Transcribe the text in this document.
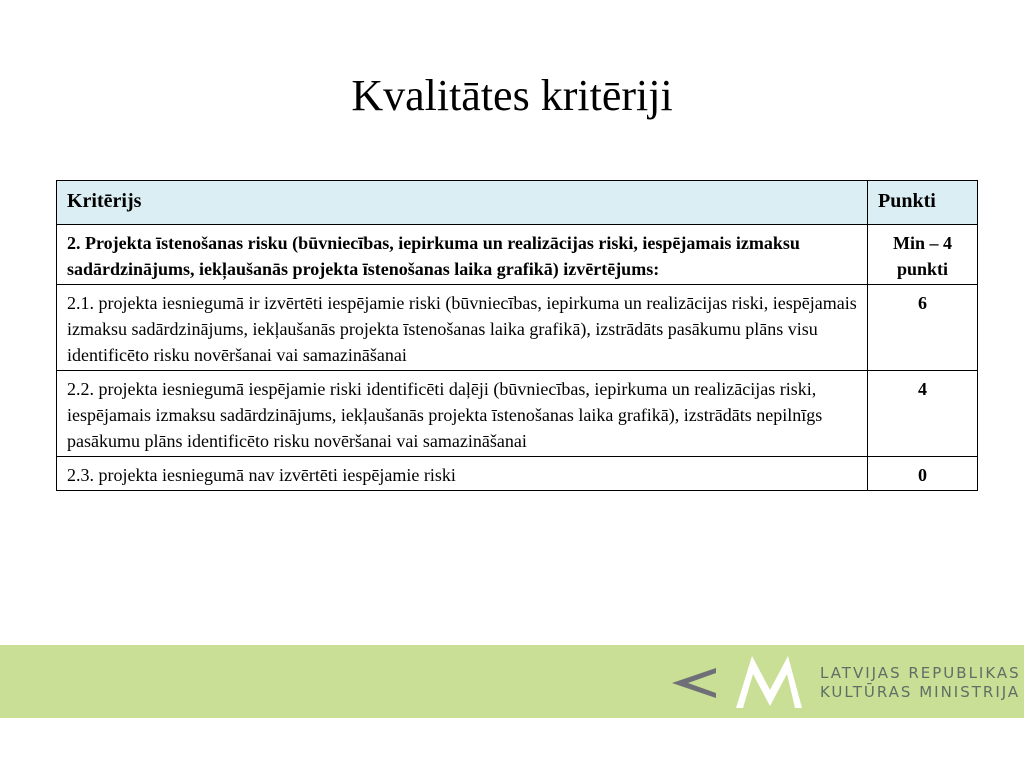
Kvalitātes kritēriji
Kritērijs	Punkti
2. Projekta īstenošanas risku (būvniecības, iepirkuma un realizācijas riski, iespējamais izmaksu sadārdzinājums, iekļaušanās projekta īstenošanas laika grafikā) izvērtējums:	Min – 4 punkti
2.1. projekta iesniegumā ir izvērtēti iespējamie riski (būvniecības, iepirkuma un realizācijas riski, iespējamais izmaksu sadārdzinājums, iekļaušanās projekta īstenošanas laika grafikā), izstrādāts pasākumu plāns visu identificēto risku novēršanai vai samazināšanai	6
2.2. projekta iesniegumā iespējamie riski identificēti daļēji (būvniecības, iepirkuma un realizācijas riski, iespējamais izmaksu sadārdzinājums, iekļaušanās projekta īstenošanas laika grafikā), izstrādāts nepilnīgs pasākumu plāns identificēto risku novēršanai vai samazināšanai	4
2.3. projekta iesniegumā nav izvērtēti iespējamie riski	0
LATVIJAS REPUBLIKAS
KULTŪRAS MINISTRIJA
